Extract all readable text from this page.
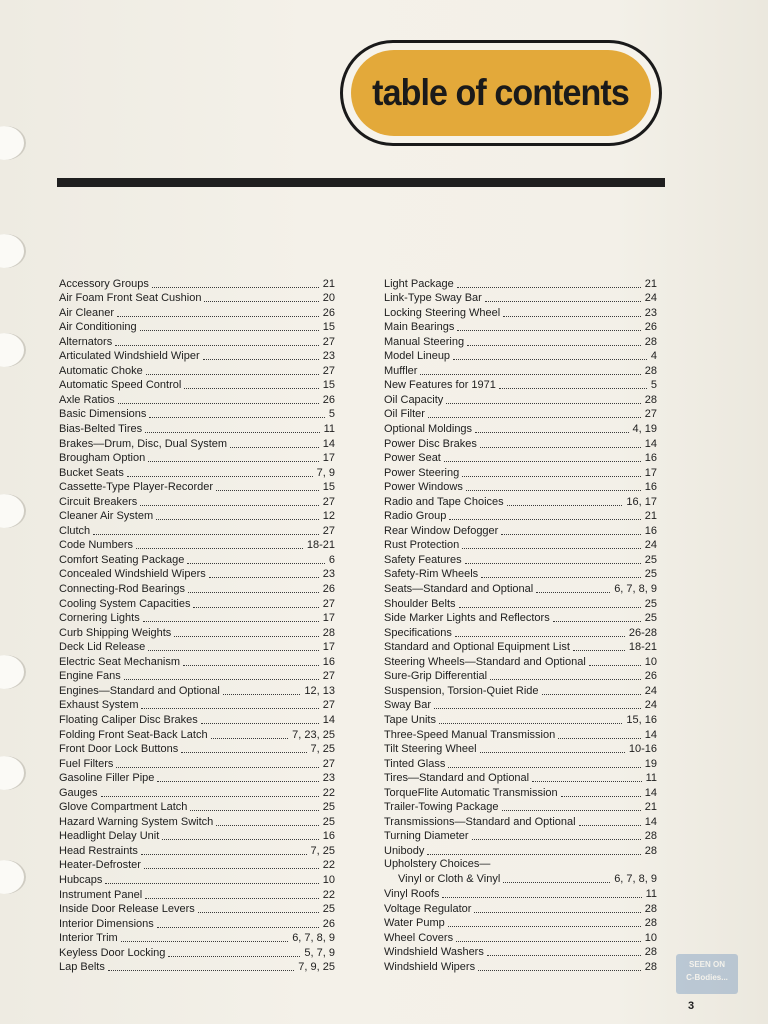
table of contents
Accessory Groups	21
Air Foam Front Seat Cushion	20
Air Cleaner	26
Air Conditioning	15
Alternators	27
Articulated Windshield Wiper	23
Automatic Choke	27
Automatic Speed Control	15
Axle Ratios	26
Basic Dimensions	5
Bias-Belted Tires	11
Brakes—Drum, Disc, Dual System	14
Brougham Option	17
Bucket Seats	7, 9
Cassette-Type Player-Recorder	15
Circuit Breakers	27
Cleaner Air System	12
Clutch	27
Code Numbers	18-21
Comfort Seating Package	6
Concealed Windshield Wipers	23
Connecting-Rod Bearings	26
Cooling System Capacities	27
Cornering Lights	17
Curb Shipping Weights	28
Deck Lid Release	17
Electric Seat Mechanism	16
Engine Fans	27
Engines—Standard and Optional	12, 13
Exhaust System	27
Floating Caliper Disc Brakes	14
Folding Front Seat-Back Latch	7, 23, 25
Front Door Lock Buttons	7, 25
Fuel Filters	27
Gasoline Filler Pipe	23
Gauges	22
Glove Compartment Latch	25
Hazard Warning System Switch	25
Headlight Delay Unit	16
Head Restraints	7, 25
Heater-Defroster	22
Hubcaps	10
Instrument Panel	22
Inside Door Release Levers	25
Interior Dimensions	26
Interior Trim	6, 7, 8, 9
Keyless Door Locking	5, 7, 9
Lap Belts	7, 9, 25
Light Package	21
Link-Type Sway Bar	24
Locking Steering Wheel	23
Main Bearings	26
Manual Steering	28
Model Lineup	4
Muffler	28
New Features for 1971	5
Oil Capacity	28
Oil Filter	27
Optional Moldings	4, 19
Power Disc Brakes	14
Power Seat	16
Power Steering	17
Power Windows	16
Radio and Tape Choices	16, 17
Radio Group	21
Rear Window Defogger	16
Rust Protection	24
Safety Features	25
Safety-Rim Wheels	25
Seats—Standard and Optional	6, 7, 8, 9
Shoulder Belts	25
Side Marker Lights and Reflectors	25
Specifications	26-28
Standard and Optional Equipment List	18-21
Steering Wheels—Standard and Optional	10
Sure-Grip Differential	26
Suspension, Torsion-Quiet Ride	24
Sway Bar	24
Tape Units	15, 16
Three-Speed Manual Transmission	14
Tilt Steering Wheel	10-16
Tinted Glass	19
Tires—Standard and Optional	11
TorqueFlite Automatic Transmission	14
Trailer-Towing Package	21
Transmissions—Standard and Optional	14
Turning Diameter	28
Unibody	28
Upholstery Choices—
Vinyl or Cloth & Vinyl	6, 7, 8, 9
Vinyl Roofs	11
Voltage Regulator	28
Water Pump	28
Wheel Covers	10
Windshield Washers	28
Windshield Wipers	28	SEEN ON
C-Bodies...
3
